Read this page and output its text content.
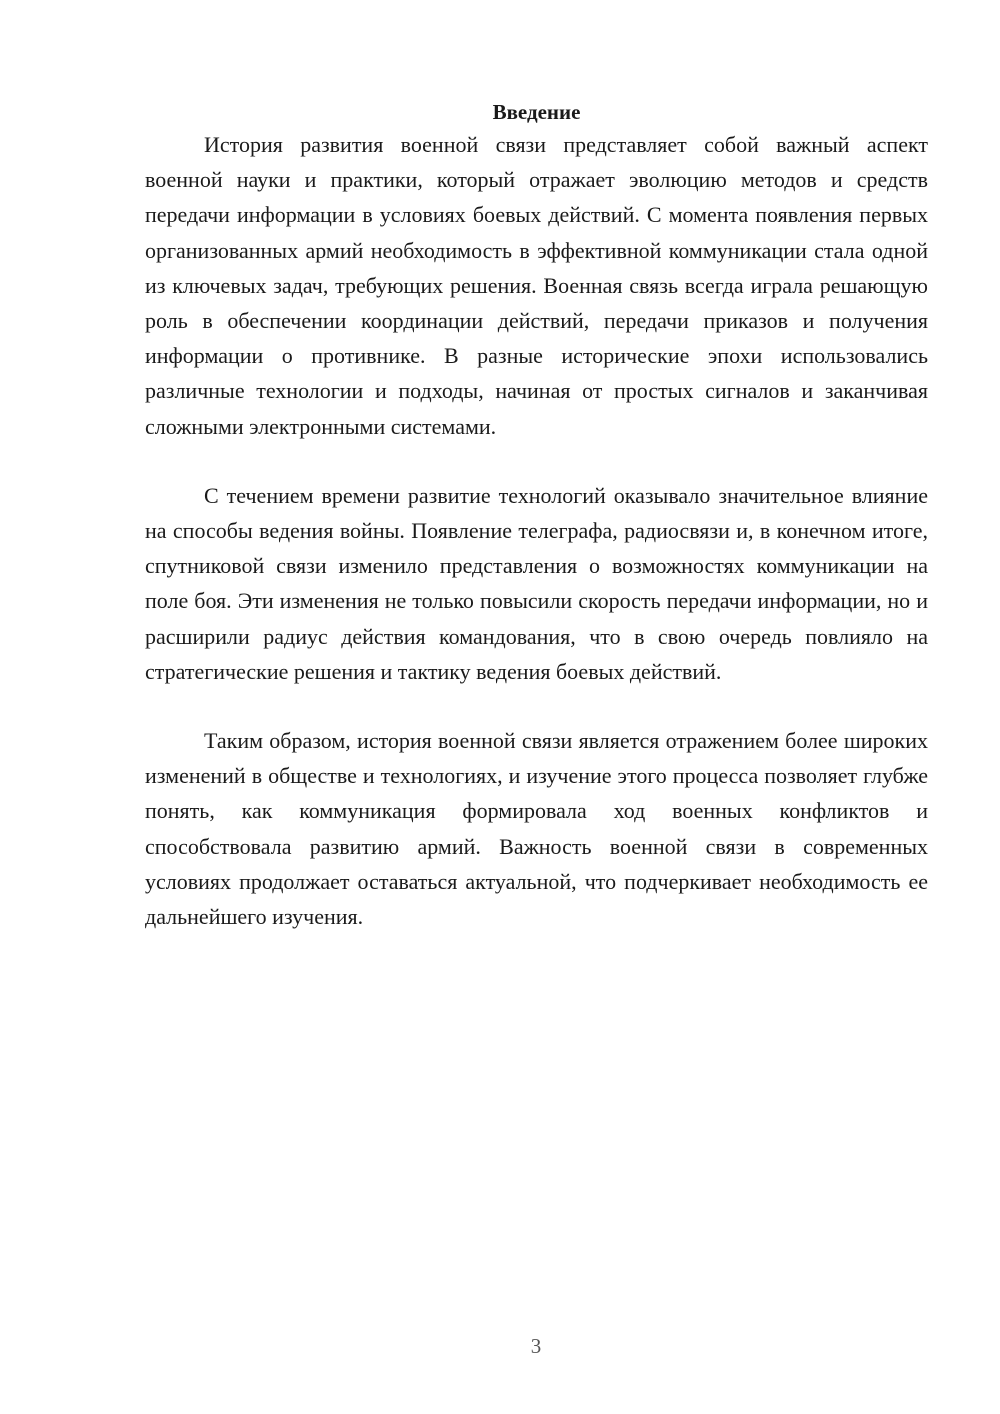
Введение

История развития военной связи представляет собой важный аспект военной науки и практики, который отражает эволюцию методов и средств передачи информации в условиях боевых действий. С момента появления первых организованных армий необходимость в эффективной коммуникации стала одной из ключевых задач, требующих решения. Военная связь всегда играла решающую роль в обеспечении координации действий, передачи приказов и получения информации о противнике. В разные исторические эпохи использовались различные технологии и подходы, начиная от простых сигналов и заканчивая сложными электронными системами.

С течением времени развитие технологий оказывало значительное влияние на способы ведения войны. Появление телеграфа, радиосвязи и, в конечном итоге, спутниковой связи изменило представления о возможностях коммуникации на поле боя. Эти изменения не только повысили скорость передачи информации, но и расширили радиус действия командования, что в свою очередь повлияло на стратегические решения и тактику ведения боевых действий.

Таким образом, история военной связи является отражением более широких изменений в обществе и технологиях, и изучение этого процесса позволяет глубже понять, как коммуникация формировала ход военных конфликтов и способствовала развитию армий. Важность военной связи в современных условиях продолжает оставаться актуальной, что подчеркивает необходимость ее дальнейшего изучения.

3
